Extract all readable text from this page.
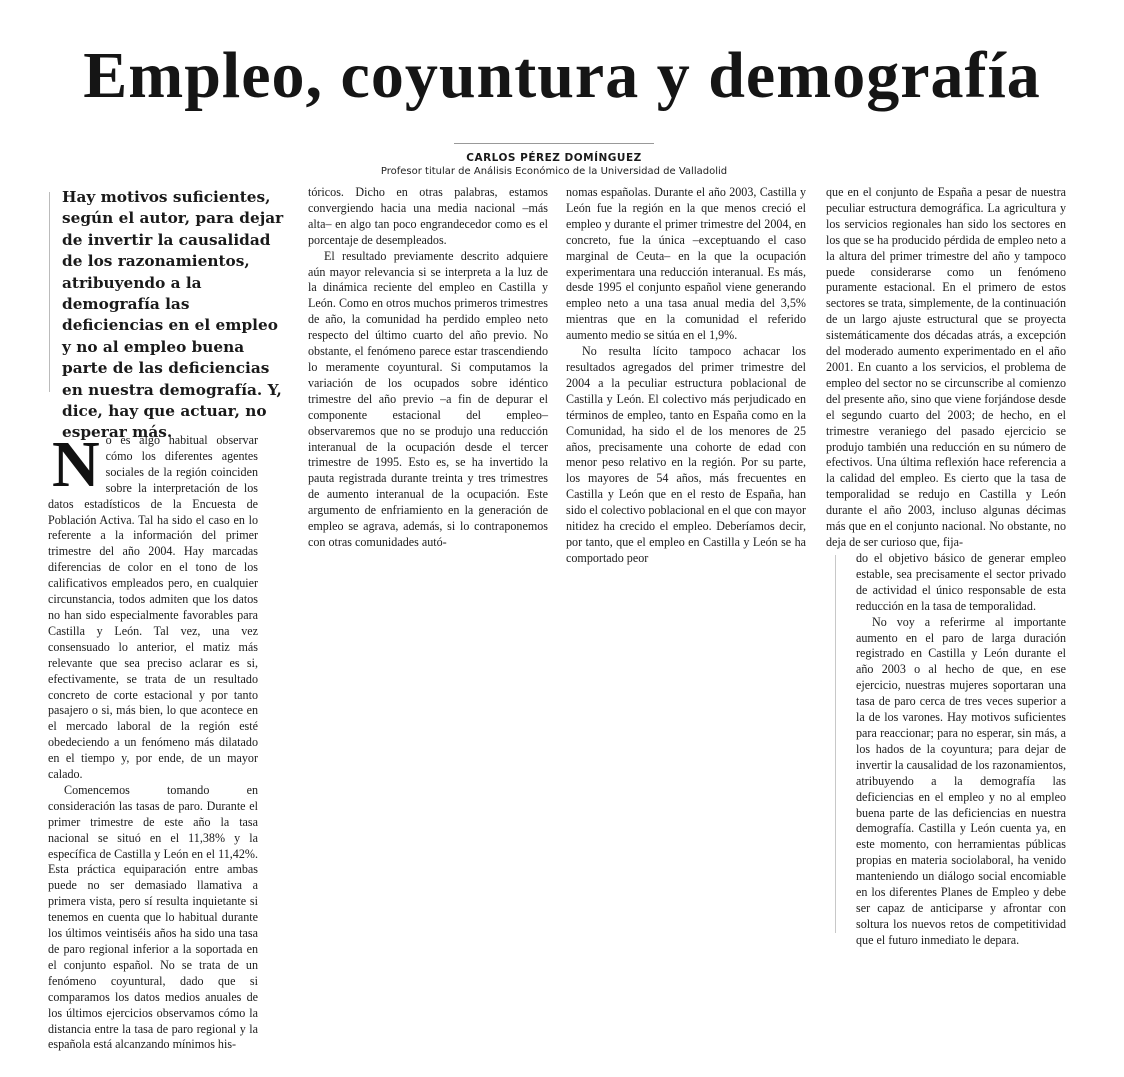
Empleo, coyuntura y demografía
CARLOS PÉREZ DOMÍNGUEZ
Profesor titular de Análisis Económico de la Universidad de Valladolid

Hay motivos suficientes, según el autor, para dejar de invertir la causalidad de los razonamientos, atribuyendo a la demografía las deficiencias en el empleo y no al empleo buena parte de las deficiencias en nuestra demografía. Y, dice, hay que actuar, no esperar más.

N o es algo habitual observar cómo los diferentes agentes sociales de la región coinciden sobre la interpretación de los datos estadísticos de la Encuesta de Población Activa. Tal ha sido el caso en lo referente a la información del primer trimestre del año 2004. Hay marcadas diferencias de color en el tono de los calificativos empleados pero, en cualquier circunstancia, todos admiten que los datos no han sido especialmente favorables para Castilla y León. Tal vez, una vez consensuado lo anterior, el matiz más relevante que sea preciso aclarar es si, efectivamente, se trata de un resultado concreto de corte estacional y por tanto pasajero o si, más bien, lo que acontece en el mercado laboral de la región esté obedeciendo a un fenómeno más dilatado en el tiempo y, por ende, de un mayor calado.

Comencemos tomando en consideración las tasas de paro. Durante el primer trimestre de este año la tasa nacional se situó en el 11,38% y la específica de Castilla y León en el 11,42%. Esta práctica equiparación entre ambas puede no ser demasiado llamativa a primera vista, pero sí resulta inquietante si tenemos en cuenta que lo habitual durante los últimos veintiséis años ha sido una tasa de paro regional inferior a la soportada en el conjunto español. No se trata de un fenómeno coyuntural, dado que si comparamos los datos medios anuales de los últimos ejercicios observamos cómo la distancia entre la tasa de paro regional y la española está alcanzando mínimos his-

tóricos. Dicho en otras palabras, estamos convergiendo hacia una media nacional –más alta– en algo tan poco engrandecedor como es el porcentaje de desempleados.

El resultado previamente descrito adquiere aún mayor relevancia si se interpreta a la luz de la dinámica reciente del empleo en Castilla y León. Como en otros muchos primeros trimestres de año, la comunidad ha perdido empleo neto respecto del último cuarto del año previo. No obstante, el fenómeno parece estar trascendiendo lo meramente coyuntural. Si computamos la variación de los ocupados sobre idéntico trimestre del año previo –a fin de depurar el componente estacional del empleo– observaremos que no se produjo una reducción interanual de la ocupación desde el tercer trimestre de 1995. Esto es, se ha invertido la pauta registrada durante treinta y tres trimestres de aumento interanual de la ocupación. Este argumento de enfriamiento en la generación de empleo se agrava, además, si lo contraponemos con otras comunidades autó-

nomas españolas. Durante el año 2003, Castilla y León fue la región en la que menos creció el empleo y durante el primer trimestre del 2004, en concreto, fue la única –exceptuando el caso marginal de Ceuta– en la que la ocupación experimentara una reducción interanual. Es más, desde 1995 el conjunto español viene generando empleo neto a una tasa anual media del 3,5% mientras que en la comunidad el referido aumento medio se sitúa en el 1,9%.

No resulta lícito tampoco achacar los resultados agregados del primer trimestre del 2004 a la peculiar estructura poblacional de Castilla y León. El colectivo más perjudicado en términos de empleo, tanto en España como en la Comunidad, ha sido el de los menores de 25 años, precisamente una cohorte de edad con menor peso relativo en la región. Por su parte, los mayores de 54 años, más frecuentes en Castilla y León que en el resto de España, han sido el colectivo poblacional en el que con mayor nitidez ha crecido el empleo. Deberíamos decir, por tanto, que el empleo en Castilla y León se ha comportado peor

que en el conjunto de España a pesar de nuestra peculiar estructura demográfica. La agricultura y los servicios regionales han sido los sectores en los que se ha producido pérdida de empleo neto a la altura del primer trimestre del año y tampoco puede considerarse como un fenómeno puramente estacional. En el primero de estos sectores se trata, simplemente, de la continuación de un largo ajuste estructural que se proyecta sistemáticamente dos décadas atrás, a excepción del moderado aumento experimentado en el año 2001. En cuanto a los servicios, el problema de empleo del sector no se circunscribe al comienzo del presente año, sino que viene forjándose desde el segundo cuarto del 2003; de hecho, en el trimestre veraniego del pasado ejercicio se produjo también una reducción en su número de efectivos. Una última reflexión hace referencia a la calidad del empleo. Es cierto que la tasa de temporalidad se redujo en Castilla y León durante el año 2003, incluso algunas décimas más que en el conjunto nacional. No obstante, no deja de ser curioso que, fija-

do el objetivo básico de generar empleo estable, sea precisamente el sector privado de actividad el único responsable de esta reducción en la tasa de temporalidad.

No voy a referirme al importante aumento en el paro de larga duración registrado en Castilla y León durante el año 2003 o al hecho de que, en ese ejercicio, nuestras mujeres soportaran una tasa de paro cerca de tres veces superior a la de los varones. Hay motivos suficientes para reaccionar; para no esperar, sin más, a los hados de la coyuntura; para dejar de invertir la causalidad de los razonamientos, atribuyendo a la demografía las deficiencias en el empleo y no al empleo buena parte de las deficiencias en nuestra demografía. Castilla y León cuenta ya, en este momento, con herramientas públicas propias en materia sociolaboral, ha venido manteniendo un diálogo social encomiable en los diferentes Planes de Empleo y debe ser capaz de anticiparse y afrontar con soltura los nuevos retos de competitividad que el futuro inmediato le depara.
